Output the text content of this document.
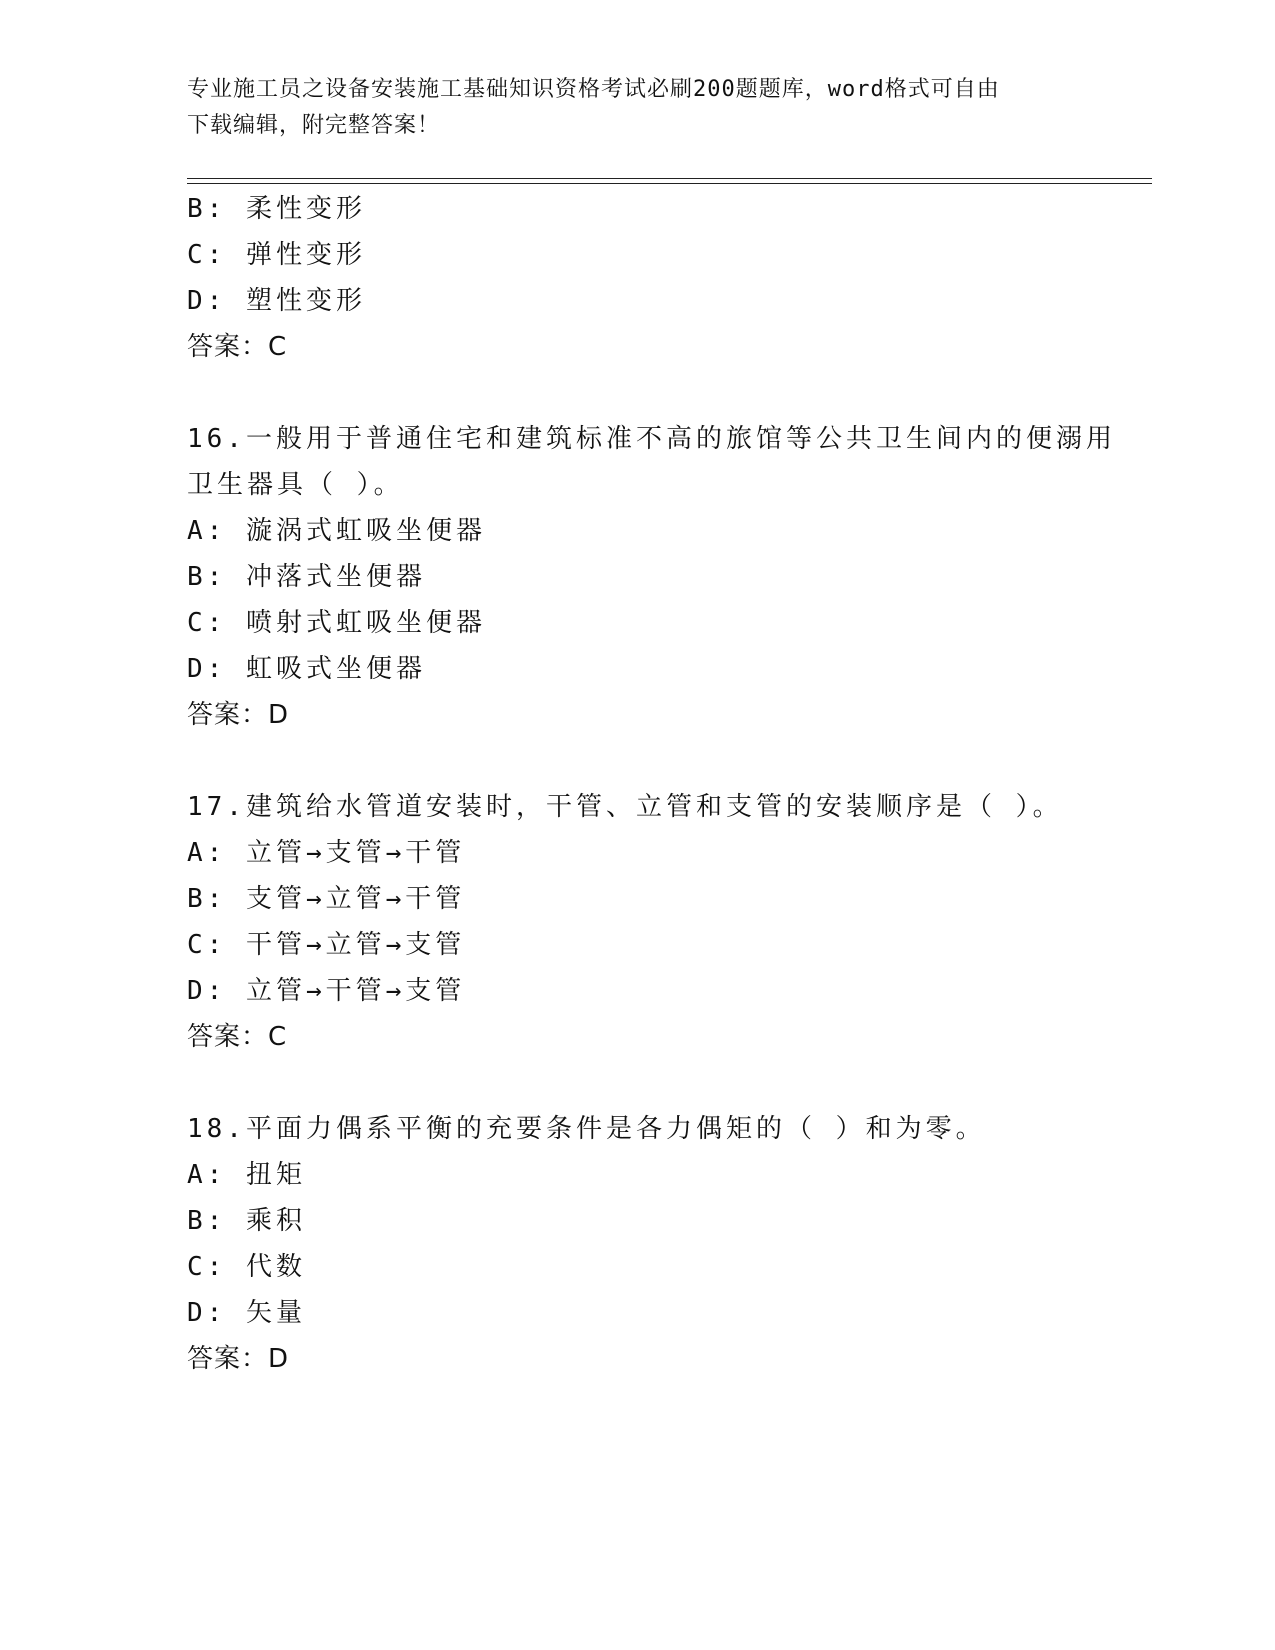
专业施工员之设备安装施工基础知识资格考试必刷200题题库，word格式可自由
下载编辑，附完整答案！
B: 柔性变形
C: 弹性变形
D: 塑性变形
答案：C
16.一般用于普通住宅和建筑标准不高的旅馆等公共卫生间内的便溺用
卫生器具（ ）。
A: 漩涡式虹吸坐便器
B: 冲落式坐便器
C: 喷射式虹吸坐便器
D: 虹吸式坐便器
答案：D
17.建筑给水管道安装时，干管、立管和支管的安装顺序是（ ）。
A: 立管→支管→干管
B: 支管→立管→干管
C: 干管→立管→支管
D: 立管→干管→支管
答案：C
18.平面力偶系平衡的充要条件是各力偶矩的（ ）和为零。
A: 扭矩
B: 乘积
C: 代数
D: 矢量
答案：D
